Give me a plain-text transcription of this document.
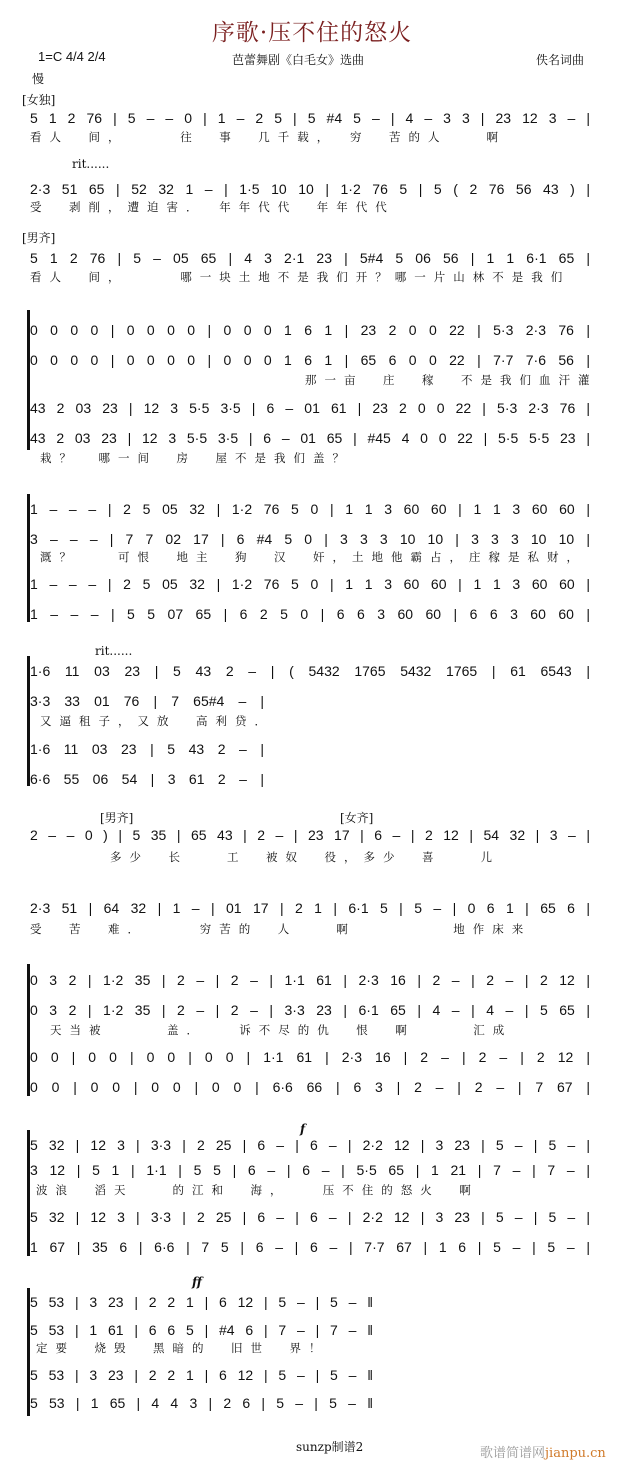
序歌·压不住的怒火
1=C 4/4 2/4	芭蕾舞剧《白毛女》选曲	佚名词曲
慢
[女独]
5 1 2 76 | 5 – – 0 | 1 – 2 5 | 5 #4 5 – | 4 – 3 3 | 23 12 3 – |
看人　间，　　　往　事　几千载，　穷　苦的人　　啊
rit......
2·3 51 65 | 52 32 1 – | 1·5 10 10 | 1·2 76 5 | 5 ( 2 76 56 43 ) |
受　剥削，遭迫害．　年年代代　年年代代
[男齐]
5 1 2 76 | 5 – 05 65 | 4 3 2·1 23 | 5#4 5 06 56 | 1 1 6·1 65 |
看人　间，　　　哪一块土地不是我们开？哪一片山林不是我们
0 0 0 0 | 0 0 0 0 | 0 0 0 1 6 1 | 23 2 0 0 22 | 5·3 2·3 76 |
0 0 0 0 | 0 0 0 0 | 0 0 0 1 6 1 | 65 6 0 0 22 | 7·7 7·6 56 |
那一亩　庄　稼　不是我们血汗灌
43 2 03 23 | 12 3 5·5 3·5 | 6 – 01 61 | 23 2 0 0 22 | 5·3 2·3 76 |
43 2 03 23 | 12 3 5·5 3·5 | 6 – 01 65 | #45 4 0 0 22 | 5·5 5·5 23 |
栽？　哪一间　房　屋不是我们盖？
1 – – – | 2 5 05 32 | 1·2 76 5 0 | 1 1 3 60 60 | 1 1 3 60 60 |
3 – – – | 7 7 02 17 | 6 #4 5 0 | 3 3 3 10 10 | 3 3 3 10 10 |
溉？　　可恨　地主　狗　汉　奸，土地他霸占，庄稼是私财，
1 – – – | 2 5 05 32 | 1·2 76 5 0 | 1 1 3 60 60 | 1 1 3 60 60 |
1 – – – | 5 5 07 65 | 6 2 5 0 | 6 6 3 60 60 | 6 6 3 60 60 |
rit......
1·6 11 03 23 | 5 43 2 – | ( 5432 1765 5432 1765 | 61 6543 |
3·3 33 01 76 | 7 65#4 – |
又逼租子，又放　高利贷．
1·6 11 03 23 | 5 43 2 – |
6·6 55 06 54 | 3 61 2 – |
[男齐]	[女齐]
2 – – 0 ) | 5 35 | 65 43 | 2 – | 23 17 | 6 – | 2 12 | 54 32 | 3 – |
多少　长　　工　被奴　役，多少　喜　　儿
2·3 51 | 64 32 | 1 – | 01 17 | 2 1 | 6·1 5 | 5 – | 0 6 1 | 65 6 |
受　苦　难．　　　穷苦的　人　　啊　　　　　地作床来
0 3 2 | 1·2 35 | 2 – | 2 – | 1·1 61 | 2·3 16 | 2 – | 2 – | 2 12 |
0 3 2 | 1·2 35 | 2 – | 2 – | 3·3 23 | 6·1 65 | 4 – | 4 – | 5 65 |
天当被　　　盖．　　诉不尽的仇　恨　啊　　　汇成
0 0 | 0 0 | 0 0 | 0 0 | 1·1 61 | 2·3 16 | 2 – | 2 – | 2 12 |
0 0 | 0 0 | 0 0 | 0 0 | 6·6 66 | 6 3 | 2 – | 2 – | 7 67 |
f
5 32 | 12 3 | 3·3 | 2 25 | 6 – | 6 – | 2·2 12 | 3 23 | 5 – | 5 – |
3 12 | 5 1 | 1·1 | 5 5 | 6 – | 6 – | 5·5 65 | 1 21 | 7 – | 7 – |
波浪　滔天　　的江和　海，　　压不住的怒火　啊
5 32 | 12 3 | 3·3 | 2 25 | 6 – | 6 – | 2·2 12 | 3 23 | 5 – | 5 – |
1 67 | 35 6 | 6·6 | 7 5 | 6 – | 6 – | 7·7 67 | 1 6 | 5 – | 5 – |
ff
5 53 | 3 23 | 2 2 1 | 6 12 | 5 – | 5 – ‖
5 53 | 1 61 | 6 6 5 | #4 6 | 7 – | 7 – ‖
定要　烧毁　黑暗的　旧世　界！
5 53 | 3 23 | 2 2 1 | 6 12 | 5 – | 5 – ‖
5 53 | 1 65 | 4 4 3 | 2 6 | 5 – | 5 – ‖
sunzp制谱2	歌谱简谱网jianpu.cn
